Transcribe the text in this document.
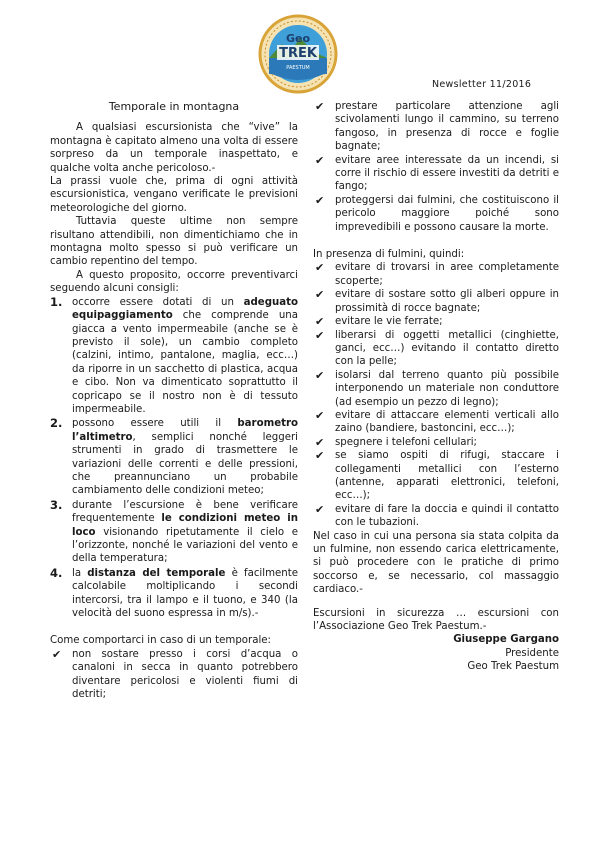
Geo
TREK
PAESTUM
Newsletter 11/2016
Temporale in montagna

A qualsiasi escursionista che “vive” la montagna è capitato almeno una volta di essere sorpreso da un temporale inaspettato, e qualche volta anche pericoloso.-

La prassi vuole che, prima di ogni attività escursionistica, vengano verificate le previsioni meteorologiche del giorno.

Tuttavia queste ultime non sempre risultano attendibili, non dimentichiamo che in montagna molto spesso si può verificare un cambio repentino del tempo.

A questo proposito, occorre preventivarci seguendo alcuni consigli:

1. occorre essere dotati di un adeguato equipaggiamento che comprende una giacca a vento impermeabile (anche se è previsto il sole), un cambio completo (calzini, intimo, pantalone, maglia, ecc…) da riporre in un sacchetto di plastica, acqua e cibo. Non va dimenticato soprattutto il copricapo se il nostro non è di tessuto impermeabile.
2. possono essere utili il barometro l’altimetro, semplici nonché leggeri strumenti in grado di trasmettere le variazioni delle correnti e delle pressioni, che preannunciano un probabile cambiamento delle condizioni meteo;
3. durante l’escursione è bene verificare frequentemente le condizioni meteo in loco visionando ripetutamente il cielo e l’orizzonte, nonché le variazioni del vento e della temperatura;
4. la distanza del temporale è facilmente calcolabile moltiplicando i secondi intercorsi, tra il lampo e il tuono, e 340 (la velocità del suono espressa in m/s).-

Come comportarci in caso di un temporale:

✔ non sostare presso i corsi d’acqua o canaloni in secca in quanto potrebbero diventare pericolosi e violenti fiumi di detriti;
✔ prestare particolare attenzione agli scivolamenti lungo il cammino, su terreno fangoso, in presenza di rocce e foglie bagnate;
✔ evitare aree interessate da un incendi, si corre il rischio di essere investiti da detriti e fango;
✔ proteggersi dai fulmini, che costituiscono il pericolo maggiore poiché sono imprevedibili e possono causare la morte.

In presenza di fulmini, quindi:

✔ evitare di trovarsi in aree completamente scoperte;
✔ evitare di sostare sotto gli alberi oppure in prossimità di rocce bagnate;
✔ evitare le vie ferrate;
✔ liberarsi di oggetti metallici (cinghiette, ganci, ecc…) evitando il contatto diretto con la pelle;
✔ isolarsi dal terreno quanto più possibile interponendo un materiale non conduttore (ad esempio un pezzo di legno);
✔ evitare di attaccare elementi verticali allo zaino (bandiere, bastoncini, ecc…);
✔ spegnere i telefoni cellulari;
✔ se siamo ospiti di rifugi, staccare i collegamenti metallici con l’esterno (antenne, apparati elettronici, telefoni, ecc…);
✔ evitare di fare la doccia e quindi il contatto con le tubazioni.

Nel caso in cui una persona sia stata colpita da un fulmine, non essendo carica elettricamente, si può procedere con le pratiche di primo soccorso e, se necessario, col massaggio cardiaco.-

Escursioni in sicurezza … escursioni con l’Associazione Geo Trek Paestum.-

Giuseppe Gargano
Presidente
Geo Trek Paestum
